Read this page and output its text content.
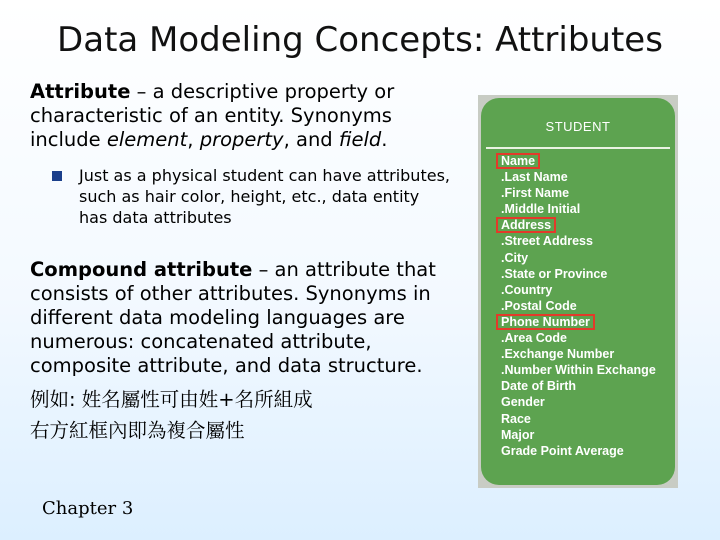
Data Modeling Concepts: Attributes

Attribute – a descriptive property or characteristic of an entity. Synonyms include element, property, and field.

Just as a physical student can have attributes, such as hair color, height, etc., data entity has data attributes

Compound attribute – an attribute that consists of other attributes. Synonyms in different data modeling languages are numerous: concatenated attribute, composite attribute, and data structure.

例如: 姓名屬性可由姓+名所組成
右方紅框內即為複合屬性
Chapter 3
STUDENT
Name
.Last Name
.First Name
.Middle Initial
Address
.Street Address
.City
.State or Province
.Country
.Postal Code
Phone Number
.Area Code
.Exchange Number
.Number Within Exchange
Date of Birth
Gender
Race
Major
Grade Point Average
